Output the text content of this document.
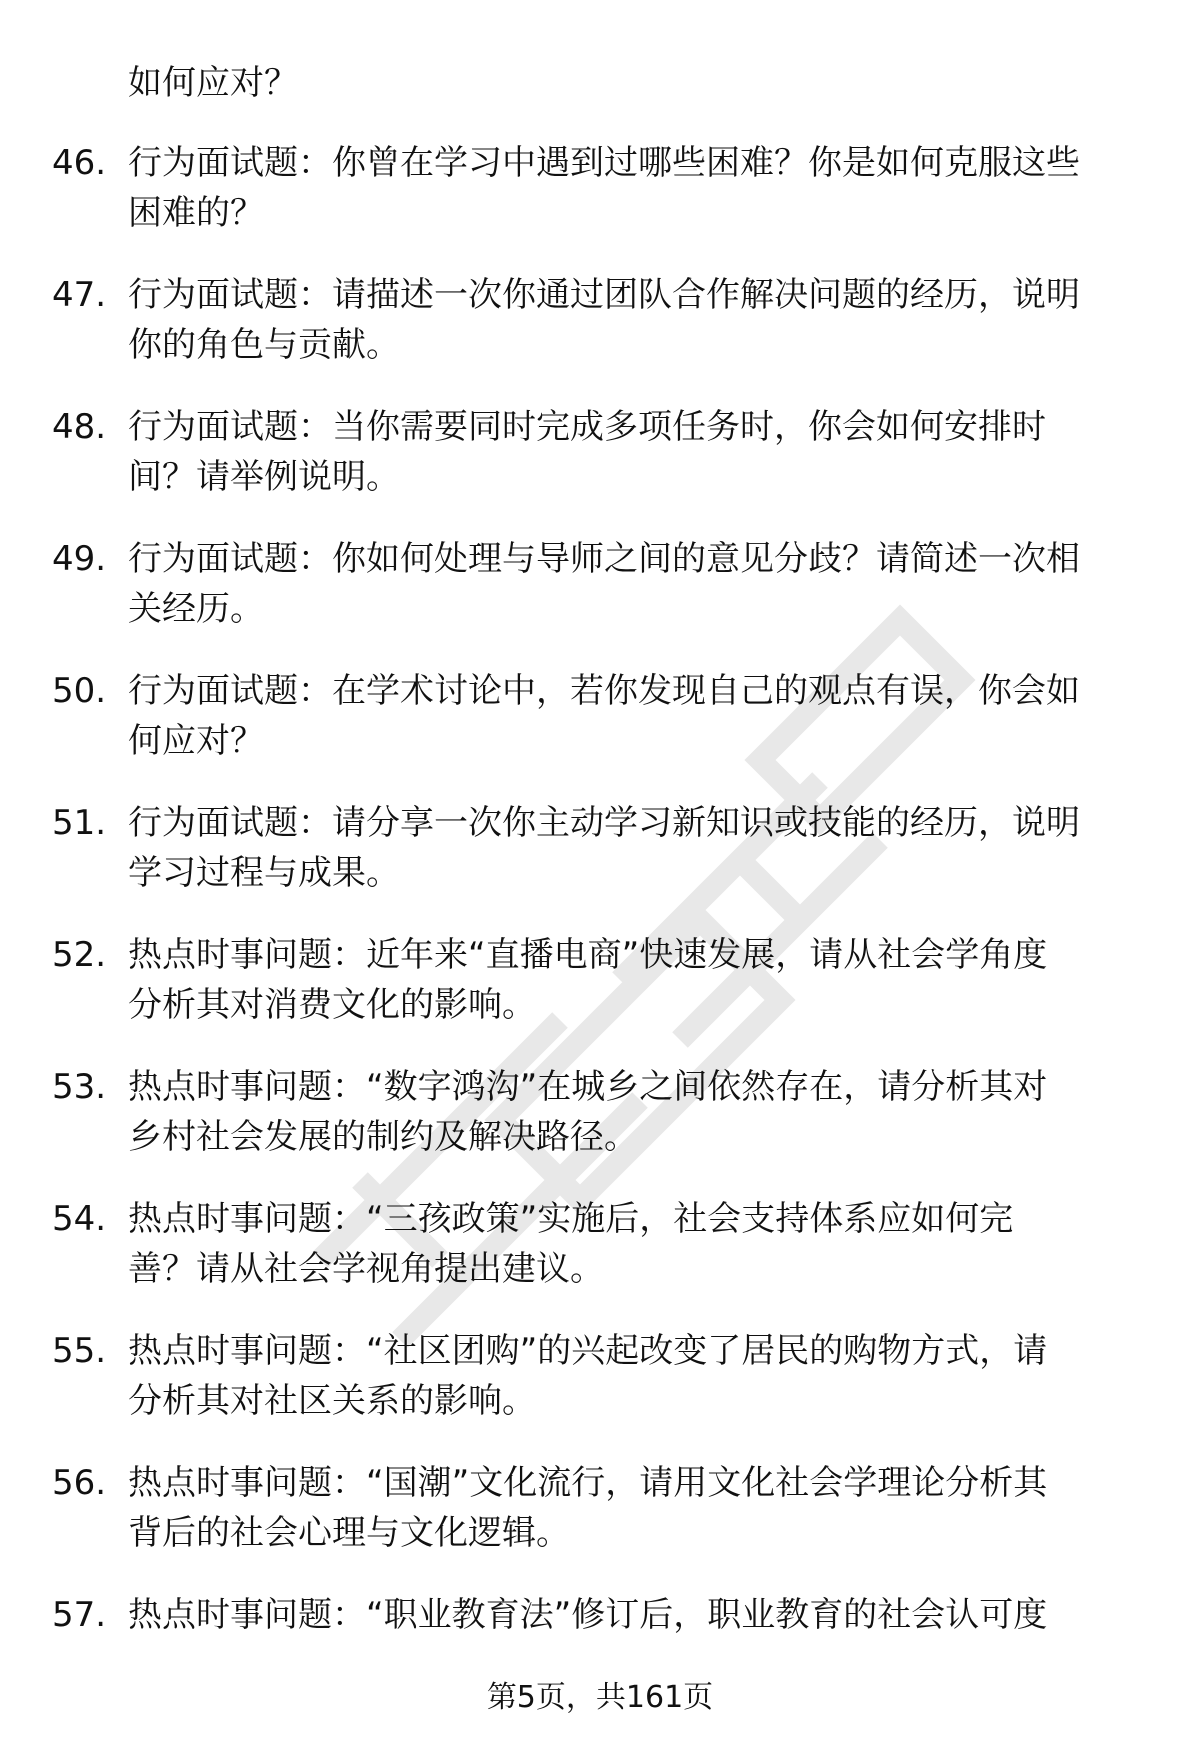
如何应对？
46. 行为面试题：你曾在学习中遇到过哪些困难？你是如何克服这些
困难的？
47. 行为面试题：请描述一次你通过团队合作解决问题的经历，说明
你的角色与贡献。
48. 行为面试题：当你需要同时完成多项任务时，你会如何安排时
间？请举例说明。
49. 行为面试题：你如何处理与导师之间的意见分歧？请简述一次相
关经历。
50. 行为面试题：在学术讨论中，若你发现自己的观点有误，你会如
何应对？
51. 行为面试题：请分享一次你主动学习新知识或技能的经历，说明
学习过程与成果。
52. 热点时事问题：近年来“直播电商”快速发展，请从社会学角度
分析其对消费文化的影响。
53. 热点时事问题：“数字鸿沟”在城乡之间依然存在，请分析其对
乡村社会发展的制约及解决路径。
54. 热点时事问题：“三孩政策”实施后，社会支持体系应如何完
善？请从社会学视角提出建议。
55. 热点时事问题：“社区团购”的兴起改变了居民的购物方式，请
分析其对社区关系的影响。
56. 热点时事问题：“国潮”文化流行，请用文化社会学理论分析其
背后的社会心理与文化逻辑。
57. 热点时事问题：“职业教育法”修订后，职业教育的社会认可度
第5页，共161页
